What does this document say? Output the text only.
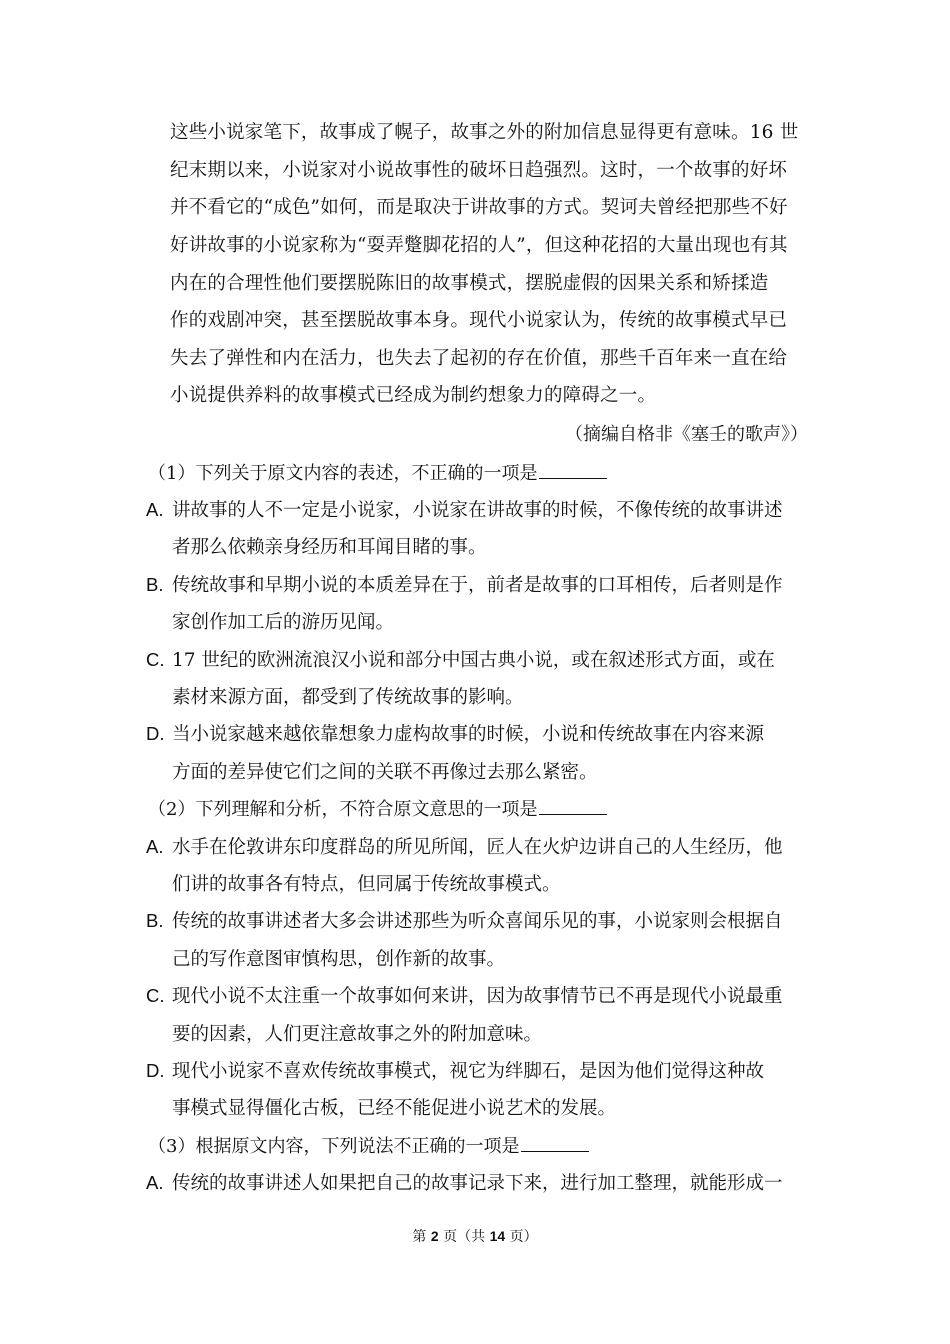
这些小说家笔下，故事成了幌子，故事之外的附加信息显得更有意味。16 世
纪末期以来，小说家对小说故事性的破坏日趋强烈。这时，一个故事的好坏
并不看它的“成色”如何，而是取决于讲故事的方式。契诃夫曾经把那些不好
好讲故事的小说家称为“耍弄蹩脚花招的人”，但这种花招的大量出现也有其
内在的合理性他们要摆脱陈旧的故事模式，摆脱虚假的因果关系和矫揉造
作的戏剧冲突，甚至摆脱故事本身。现代小说家认为，传统的故事模式早已
失去了弹性和内在活力，也失去了起初的存在价值，那些千百年来一直在给
小说提供养料的故事模式已经成为制约想象力的障碍之一。
（摘编自格非《塞壬的歌声》）
（1）下列关于原文内容的表述，不正确的一项是
A. 讲故事的人不一定是小说家，小说家在讲故事的时候，不像传统的故事讲述
者那么依赖亲身经历和耳闻目睹的事。
B. 传统故事和早期小说的本质差异在于，前者是故事的口耳相传，后者则是作
家创作加工后的游历见闻。
C. 17 世纪的欧洲流浪汉小说和部分中国古典小说，或在叙述形式方面，或在
素材来源方面，都受到了传统故事的影响。
D. 当小说家越来越依靠想象力虚构故事的时候，小说和传统故事在内容来源
方面的差异使它们之间的关联不再像过去那么紧密。
（2）下列理解和分析，不符合原文意思的一项是
A. 水手在伦敦讲东印度群岛的所见所闻，匠人在火炉边讲自己的人生经历，他
们讲的故事各有特点，但同属于传统故事模式。
B. 传统的故事讲述者大多会讲述那些为听众喜闻乐见的事，小说家则会根据自
己的写作意图审慎构思，创作新的故事。
C. 现代小说不太注重一个故事如何来讲，因为故事情节已不再是现代小说最重
要的因素，人们更注意故事之外的附加意味。
D. 现代小说家不喜欢传统故事模式，视它为绊脚石，是因为他们觉得这种故
事模式显得僵化古板，已经不能促进小说艺术的发展。
（3）根据原文内容，下列说法不正确的一项是
A. 传统的故事讲述人如果把自己的故事记录下来，进行加工整理，就能形成一
第 2 页（共 14 页）
